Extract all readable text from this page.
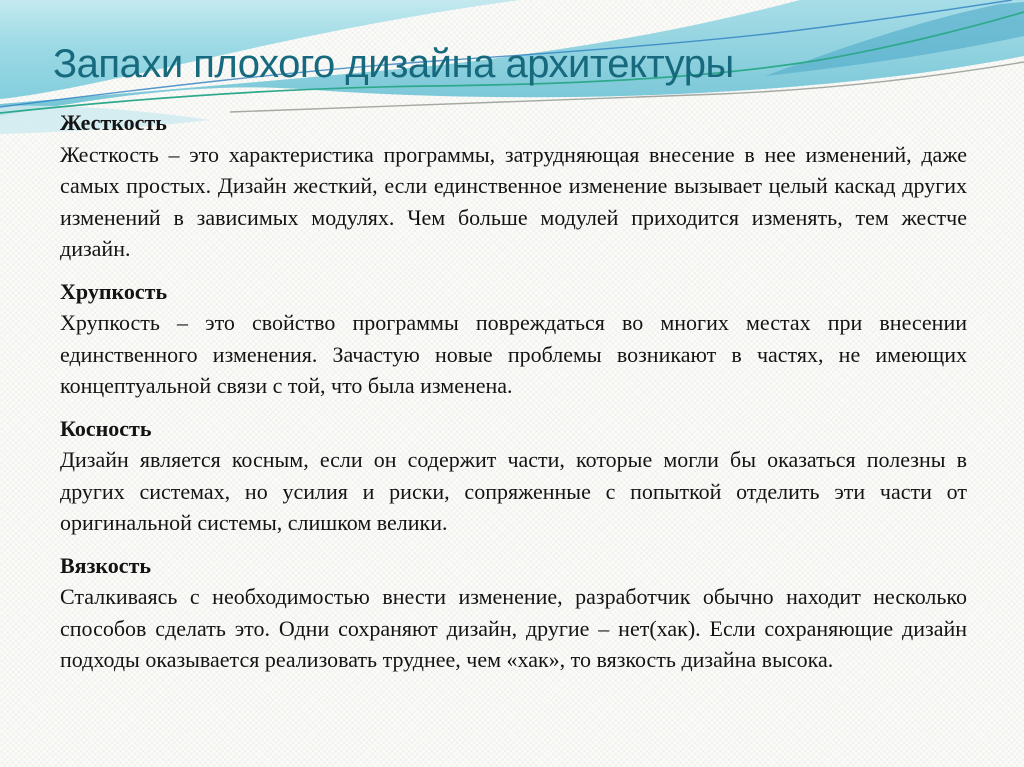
Запахи плохого дизайна архитектуры
Жесткость

Жесткость – это характеристика программы, затрудняющая внесение в нее изменений, даже самых простых. Дизайн жесткий, если единственное изменение вызывает целый каскад других изменений в зависимых модулях. Чем больше модулей приходится изменять, тем жестче дизайн.

Хрупкость

Хрупкость – это свойство программы повреждаться во многих местах при внесении единственного изменения. Зачастую новые проблемы возникают в частях, не имеющих концептуальной связи с той, что была изменена.

Косность

Дизайн является косным, если он содержит части, которые могли бы оказаться полезны в других системах, но усилия и риски, сопряженные с попыткой отделить эти части от оригинальной системы, слишком велики.

Вязкость

Сталкиваясь с необходимостью внести изменение, разработчик обычно находит несколько способов сделать это. Одни сохраняют дизайн, другие – нет(хак). Если сохраняющие дизайн подходы оказывается реализовать труднее, чем «хак», то вязкость дизайна высока.
